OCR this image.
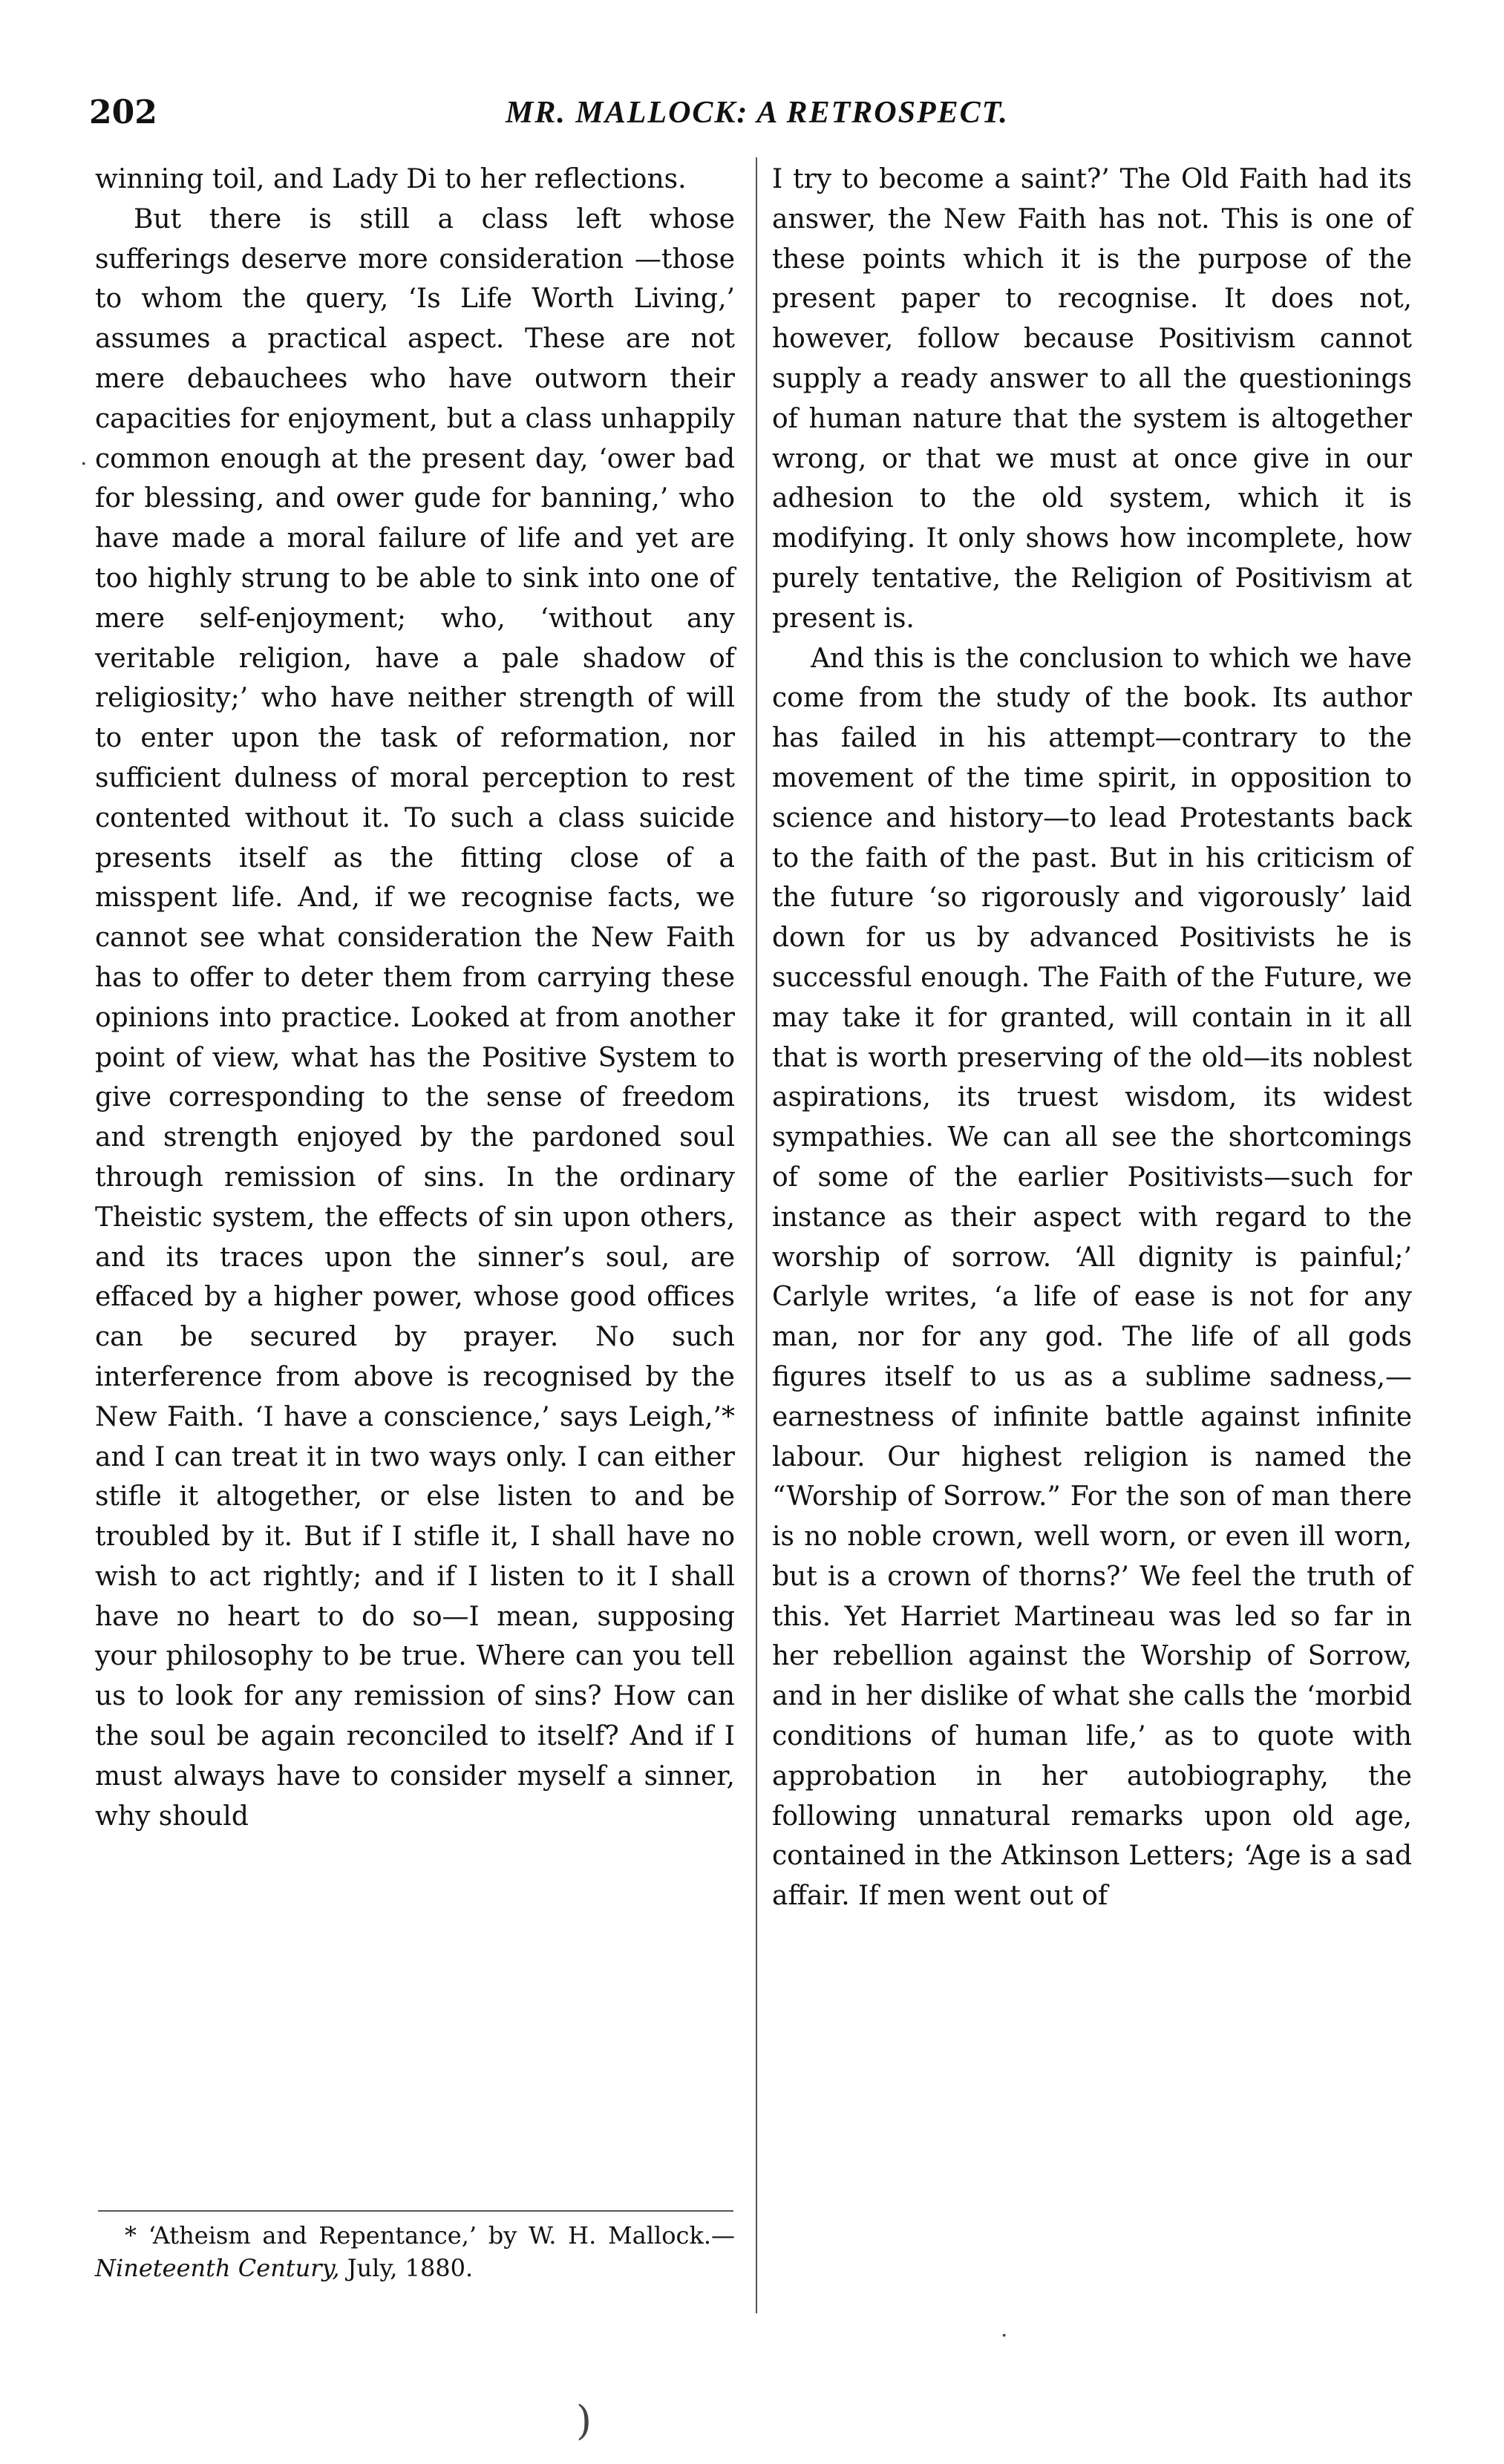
202	MR. MALLOCK: A RETROSPECT.

winning toil, and Lady Di to her reflections.

But there is still a class left whose sufferings deserve more consideration —those to whom the query, ‘Is Life Worth Living,’ assumes a practical aspect. These are not mere debauchees who have outworn their capacities for enjoyment, but a class unhappily common enough at the present day, ‘ower bad for blessing, and ower gude for banning,’ who have made a moral failure of life and yet are too highly strung to be able to sink into one of mere self-enjoyment; who, ‘without any veritable religion, have a pale shadow of religiosity;’ who have neither strength of will to enter upon the task of reformation, nor sufficient dulness of moral perception to rest contented without it. To such a class suicide presents itself as the fitting close of a misspent life. And, if we recognise facts, we cannot see what consideration the New Faith has to offer to deter them from carrying these opinions into practice. Looked at from another point of view, what has the Positive System to give corresponding to the sense of freedom and strength enjoyed by the pardoned soul through remission of sins. In the ordinary Theistic system, the effects of sin upon others, and its traces upon the sinner’s soul, are effaced by a higher power, whose good offices can be secured by prayer. No such interference from above is recognised by the New Faith. ‘I have a conscience,’ says Leigh,’* and I can treat it in two ways only. I can either stifle it altogether, or else listen to and be troubled by it. But if I stifle it, I shall have no wish to act rightly; and if I listen to it I shall have no heart to do so—I mean, supposing your philosophy to be true. Where can you tell us to look for any remission of sins? How can the soul be again reconciled to itself? And if I must always have to consider myself a sinner, why should

* ‘Atheism and Repentance,’ by W. H. Mallock.—Nineteenth Century, July, 1880.

I try to become a saint?’ The Old Faith had its answer, the New Faith has not. This is one of these points which it is the purpose of the present paper to recognise. It does not, however, follow because Positivism cannot supply a ready answer to all the questionings of human nature that the system is altogether wrong, or that we must at once give in our adhesion to the old system, which it is modifying. It only shows how incomplete, how purely tentative, the Religion of Positivism at present is.

And this is the conclusion to which we have come from the study of the book. Its author has failed in his attempt—contrary to the movement of the time spirit, in opposition to science and history—to lead Protestants back to the faith of the past. But in his criticism of the future ‘so rigorously and vigorously’ laid down for us by advanced Positivists he is successful enough. The Faith of the Future, we may take it for granted, will contain in it all that is worth preserving of the old—its noblest aspirations, its truest wisdom, its widest sympathies. We can all see the shortcomings of some of the earlier Positivists—such for instance as their aspect with regard to the worship of sorrow. ‘All dignity is painful;’ Carlyle writes, ‘a life of ease is not for any man, nor for any god. The life of all gods figures itself to us as a sublime sadness,—earnestness of infinite battle against infinite labour. Our highest religion is named the “Worship of Sorrow.” For the son of man there is no noble crown, well worn, or even ill worn, but is a crown of thorns?’ We feel the truth of this. Yet Harriet Martineau was led so far in her rebellion against the Worship of Sorrow, and in her dislike of what she calls the ‘morbid conditions of human life,’ as to quote with approbation in her autobiography, the following unnatural remarks upon old age, contained in the Atkinson Letters; ‘Age is a sad affair. If men went out of

·
·
)
